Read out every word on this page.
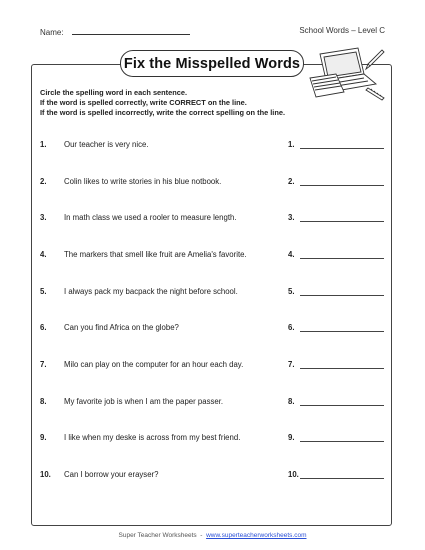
Name:	School Words – Level C
Fix the Misspelled Words
Circle the spelling word in each sentence.
If the word is spelled correctly, write CORRECT on the line.
If the word is spelled incorrectly, write the correct spelling on the line.
1. Our teacher is very nice.	1.
2. Colin likes to write stories in his blue notbook.	2.
3. In math class we used a rooler to measure length.	3.
4. The markers that smell like fruit are Amelia's favorite.	4.
5. I always pack my bacpack the night before school.	5.
6. Can you find Africa on the globe?	6.
7. Milo can play on the computer for an hour each day.	7.
8. My favorite job is when I am the paper passer.	8.
9. I like when my deske is across from my best friend.	9.
10. Can I borrow your erayser?	10.
Super Teacher Worksheets  -  www.superteacherworksheets.com
